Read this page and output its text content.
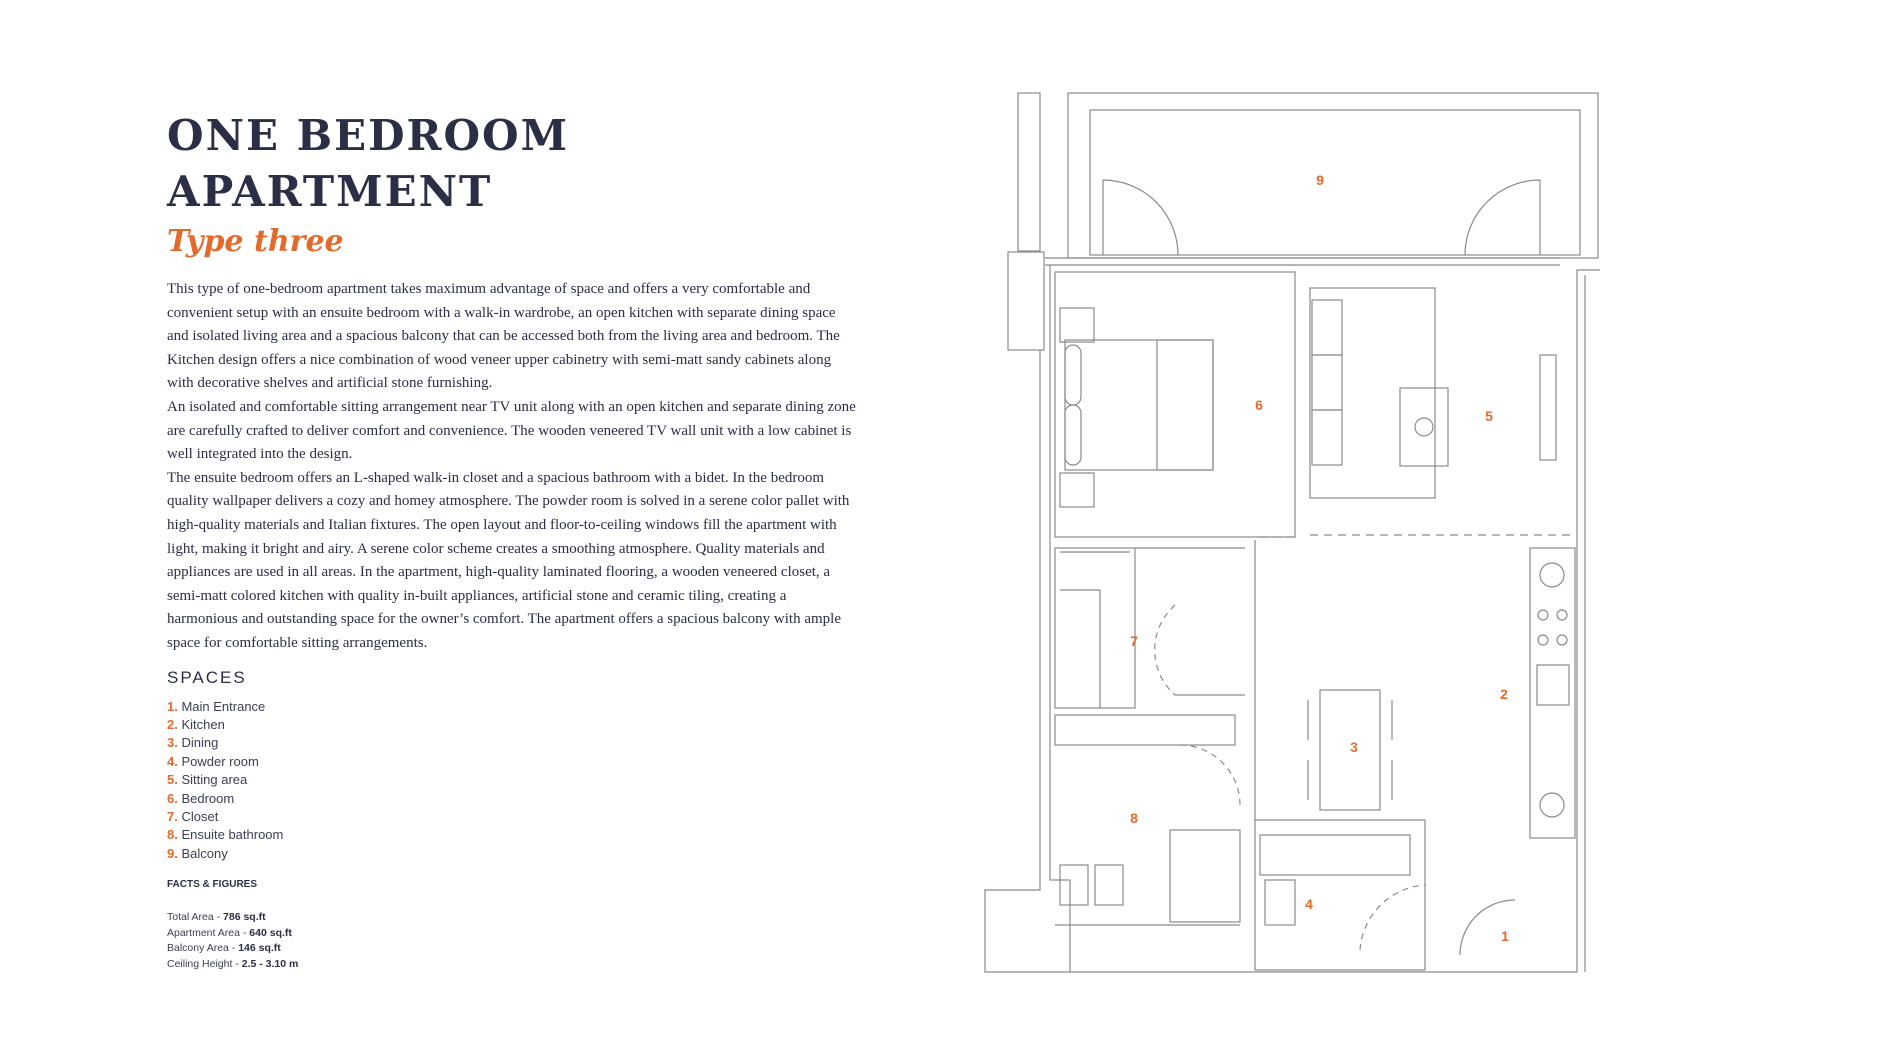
ONE BEDROOM
APARTMENT
Type three

This type of one-bedroom apartment takes maximum advantage of space and offers a very comfortable and convenient setup with an ensuite bedroom with a walk-in wardrobe, an open kitchen with separate dining space and isolated living area and a spacious balcony that can be accessed both from the living area and bedroom. The Kitchen design offers a nice combination of wood veneer upper cabinetry with semi-matt sandy cabinets along with decorative shelves and artificial stone furnishing.

An isolated and comfortable sitting arrangement near TV unit along with an open kitchen and separate dining zone are carefully crafted to deliver comfort and convenience. The wooden veneered TV wall unit with a low cabinet is well integrated into the design.

The ensuite bedroom offers an L-shaped walk-in closet and a spacious bathroom with a bidet. In the bedroom quality wallpaper delivers a cozy and homey atmosphere. The powder room is solved in a serene color pallet with high-quality materials and Italian fixtures. The open layout and floor-to-ceiling windows fill the apartment with light, making it bright and airy. A serene color scheme creates a smoothing atmosphere. Quality materials and appliances are used in all areas. In the apartment, high-quality laminated flooring, a wooden veneered closet, a semi-matt colored kitchen with quality in-built appliances, artificial stone and ceramic tiling, creating a harmonious and outstanding space for the owner’s comfort. The apartment offers a spacious balcony with ample space for comfortable sitting arrangements.

SPACES
1. Main Entrance
2. Kitchen
3. Dining
4. Powder room
5. Sitting area
6. Bedroom
7. Closet
8. Ensuite bathroom
9. Balcony
FACTS & FIGURES
Total Area - 786 sq.ft
Apartment Area - 640 sq.ft
Balcony Area - 146 sq.ft
Ceiling Height - 2.5 - 3.10 m
9
6
5
7
2
3
8
4
1
